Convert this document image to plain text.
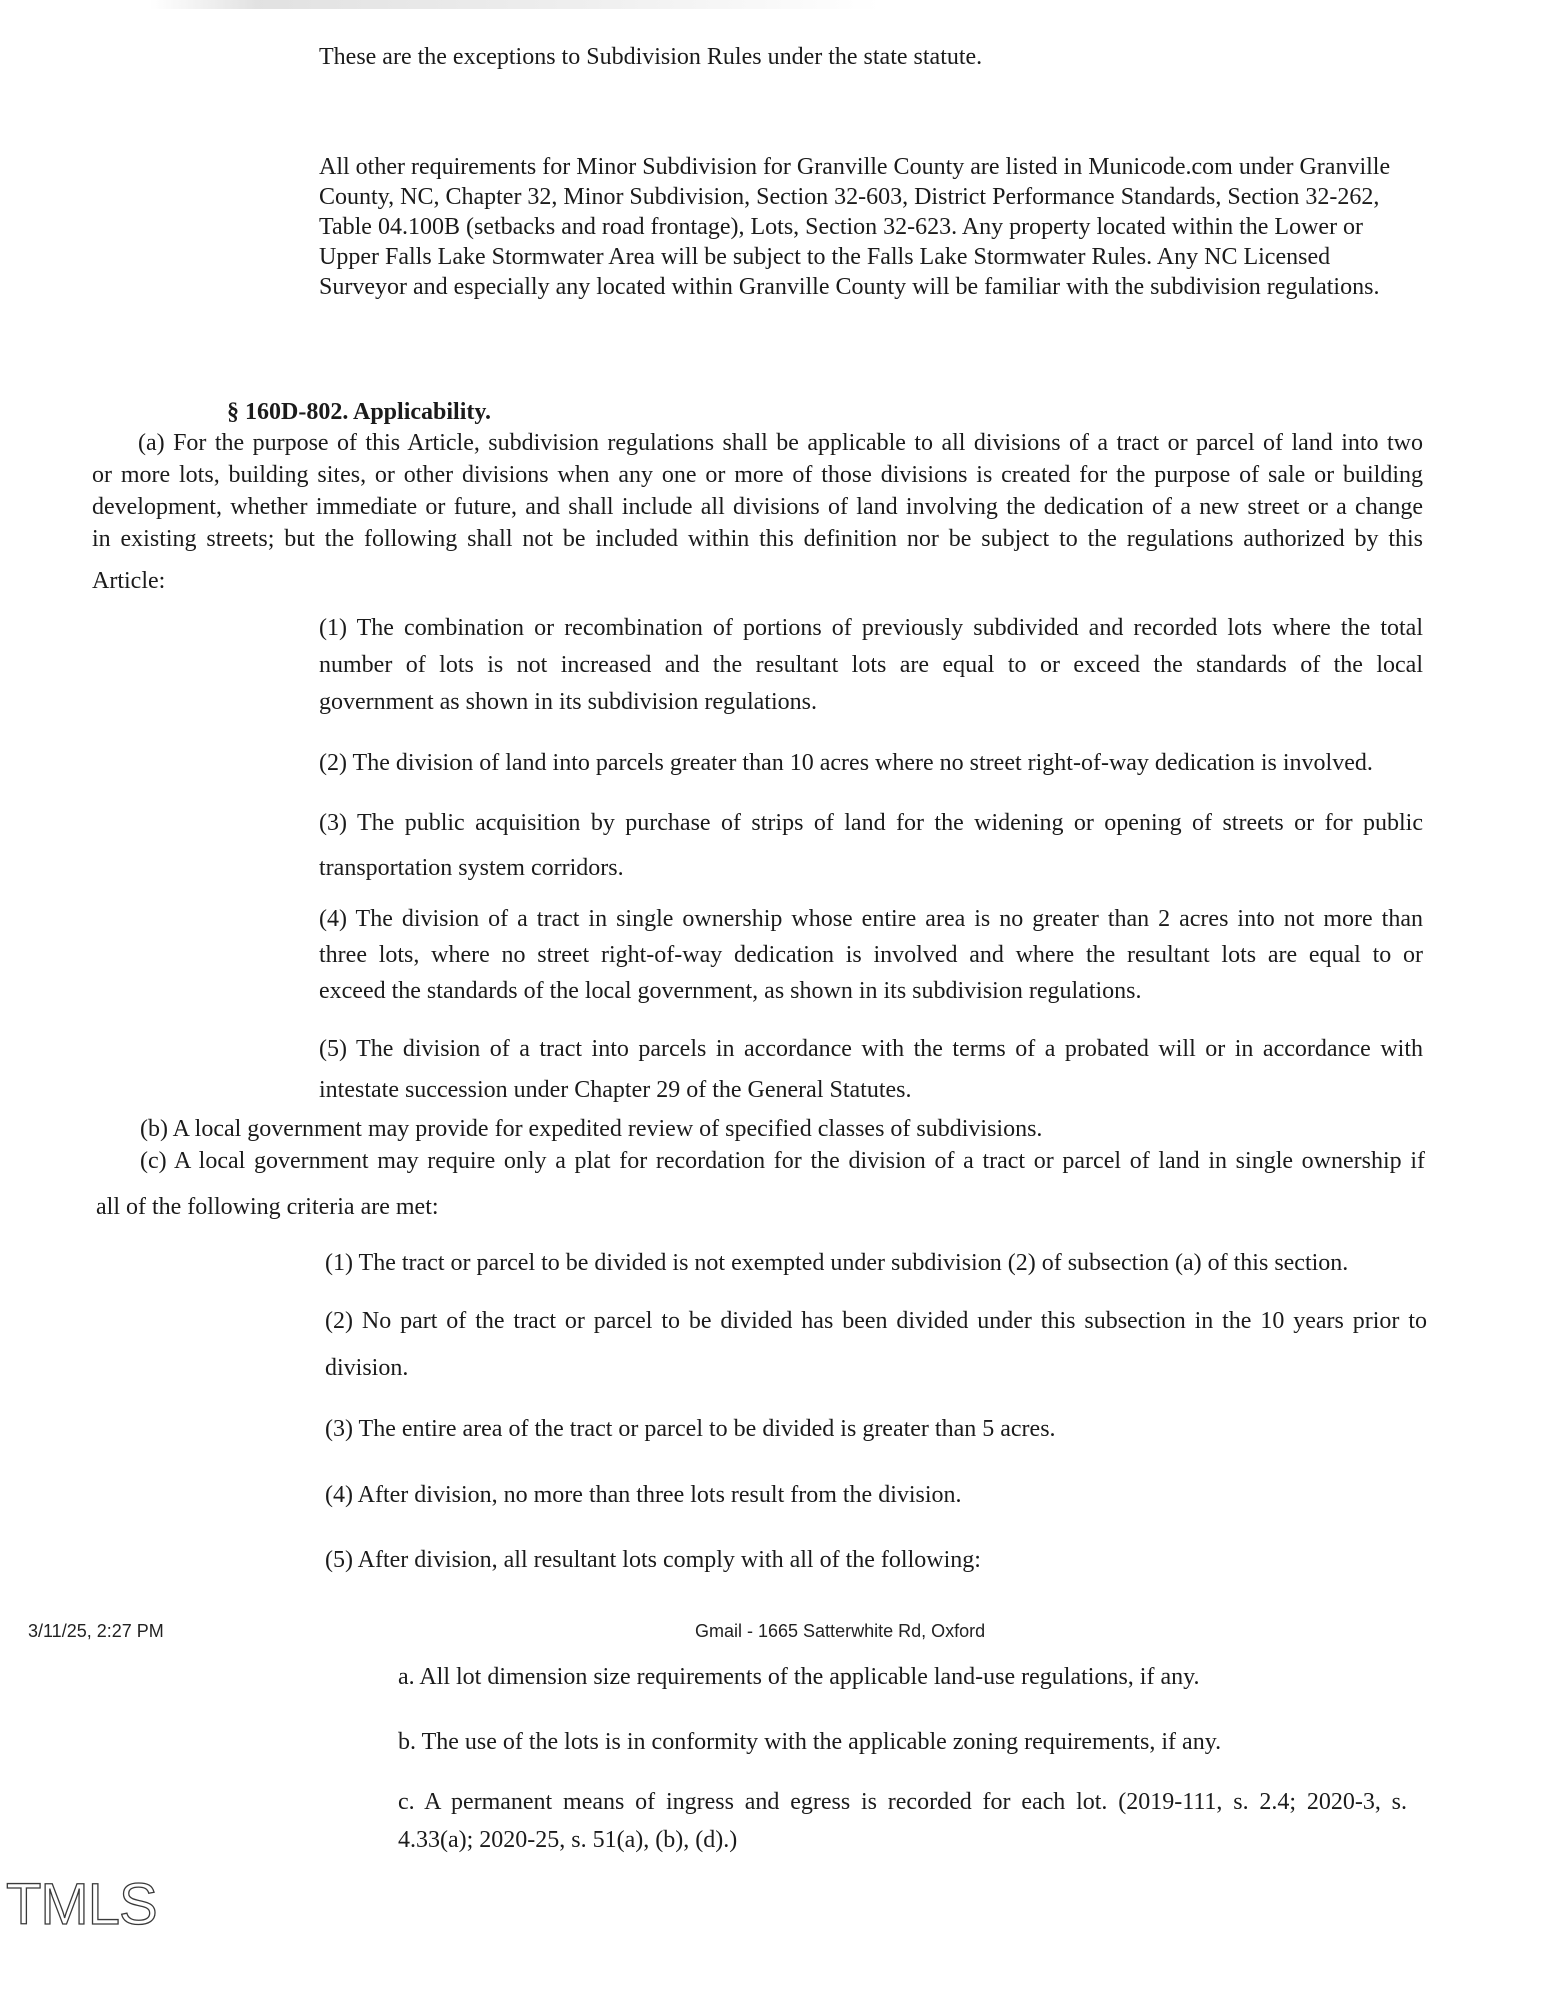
These are the exceptions to Subdivision Rules under the state statute.
All other requirements for Minor Subdivision for Granville County are listed in Municode.com under Granville
County, NC, Chapter 32, Minor Subdivision, Section 32-603, District Performance Standards, Section 32-262,
Table 04.100B (setbacks and road frontage), Lots, Section 32-623. Any property located within the Lower or
Upper Falls Lake Stormwater Area will be subject to the Falls Lake Stormwater Rules. Any NC Licensed
Surveyor and especially any located within Granville County will be familiar with the subdivision regulations.
§ 160D-802. Applicability.
(a) For the purpose of this Article, subdivision regulations shall be applicable to all divisions of a tract or parcel of land into two
or more lots, building sites, or other divisions when any one or more of those divisions is created for the purpose of sale or building
development, whether immediate or future, and shall include all divisions of land involving the dedication of a new street or a change
in existing streets; but the following shall not be included within this definition nor be subject to the regulations authorized by this
Article:
(1) The combination or recombination of portions of previously subdivided and recorded lots where the total
number of lots is not increased and the resultant lots are equal to or exceed the standards of the local
government as shown in its subdivision regulations.
(2) The division of land into parcels greater than 10 acres where no street right-of-way dedication is involved.
(3) The public acquisition by purchase of strips of land for the widening or opening of streets or for public
transportation system corridors.
(4) The division of a tract in single ownership whose entire area is no greater than 2 acres into not more than
three lots, where no street right-of-way dedication is involved and where the resultant lots are equal to or
exceed the standards of the local government, as shown in its subdivision regulations.
(5) The division of a tract into parcels in accordance with the terms of a probated will or in accordance with
intestate succession under Chapter 29 of the General Statutes.
(b) A local government may provide for expedited review of specified classes of subdivisions.
(c) A local government may require only a plat for recordation for the division of a tract or parcel of land in single ownership if
all of the following criteria are met:
(1) The tract or parcel to be divided is not exempted under subdivision (2) of subsection (a) of this section.
(2) No part of the tract or parcel to be divided has been divided under this subsection in the 10 years prior to
division.
(3) The entire area of the tract or parcel to be divided is greater than 5 acres.
(4) After division, no more than three lots result from the division.
(5) After division, all resultant lots comply with all of the following:
3/11/25, 2:27 PM	Gmail - 1665 Satterwhite Rd, Oxford
a. All lot dimension size requirements of the applicable land-use regulations, if any.
b. The use of the lots is in conformity with the applicable zoning requirements, if any.
c. A permanent means of ingress and egress is recorded for each lot. (2019-111, s. 2.4; 2020-3, s.
4.33(a); 2020-25, s. 51(a), (b), (d).)
TMLS
